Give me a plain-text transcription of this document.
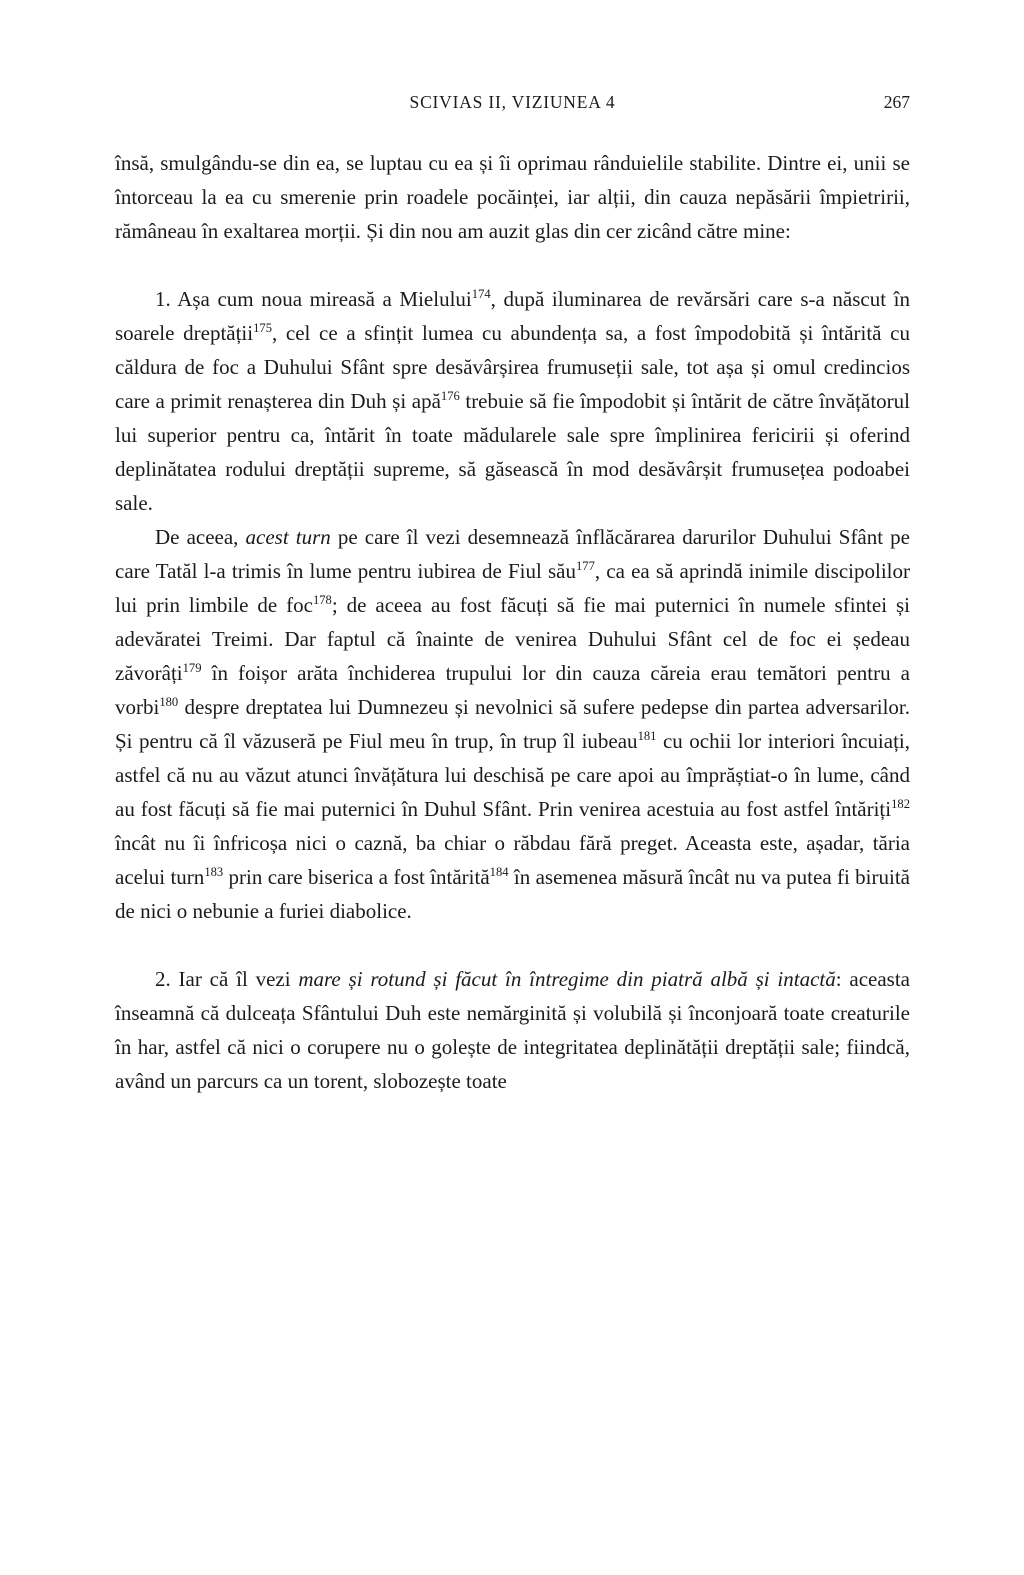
SCIVIAS II, VIZIUNEA 4	267

însă, smulgându-se din ea, se luptau cu ea și îi oprimau rânduielile stabilite. Dintre ei, unii se întorceau la ea cu smerenie prin roadele pocăinței, iar alții, din cauza nepăsării împietririi, rămâneau în exaltarea morții. Și din nou am auzit glas din cer zicând către mine:

1. Așa cum noua mireasă a Mielului$^{174}$, după iluminarea de revărsări care s-a născut în soarele dreptății$^{175}$, cel ce a sfințit lumea cu abundența sa, a fost împodobită și întărită cu căldura de foc a Duhului Sfânt spre desăvârșirea frumuseții sale, tot așa și omul credincios care a primit renașterea din Duh și apă$^{176}$ trebuie să fie împodobit și întărit de către învățătorul lui superior pentru ca, întărit în toate mădularele sale spre împlinirea fericirii și oferind deplinătatea rodului dreptății supreme, să găsească în mod desăvârșit frumusețea podoabei sale.

De aceea, acest turn pe care îl vezi desemnează înflăcărarea darurilor Duhului Sfânt pe care Tatăl l-a trimis în lume pentru iubirea de Fiul său$^{177}$, ca ea să aprindă inimile discipolilor lui prin limbile de foc$^{178}$; de aceea au fost făcuți să fie mai puternici în numele sfintei și adevăratei Treimi. Dar faptul că înainte de venirea Duhului Sfânt cel de foc ei ședeau zăvorâți$^{179}$ în foișor arăta închiderea trupului lor din cauza căreia erau temători pentru a vorbi$^{180}$ despre dreptatea lui Dumnezeu și nevolnici să sufere pedepse din partea adversarilor. Și pentru că îl văzuseră pe Fiul meu în trup, în trup îl iubeau$^{181}$ cu ochii lor interiori încuiați, astfel că nu au văzut atunci învățătura lui deschisă pe care apoi au împrăștiat-o în lume, când au fost făcuți să fie mai puternici în Duhul Sfânt. Prin venirea acestuia au fost astfel întăriți$^{182}$ încât nu îi înfricoșa nici o caznă, ba chiar o răbdau fără preget. Aceasta este, așadar, tăria acelui turn$^{183}$ prin care biserica a fost întărită$^{184}$ în asemenea măsură încât nu va putea fi biruită de nici o nebunie a furiei diabolice.

2. Iar că îl vezi mare și rotund și făcut în întregime din piatră albă și intactă: aceasta înseamnă că dulceața Sfântului Duh este nemărginită și volubilă și înconjoară toate creaturile în har, astfel că nici o corupere nu o golește de integritatea deplinătății dreptății sale; fiindcă, având un parcurs ca un torent, slobozește toate
